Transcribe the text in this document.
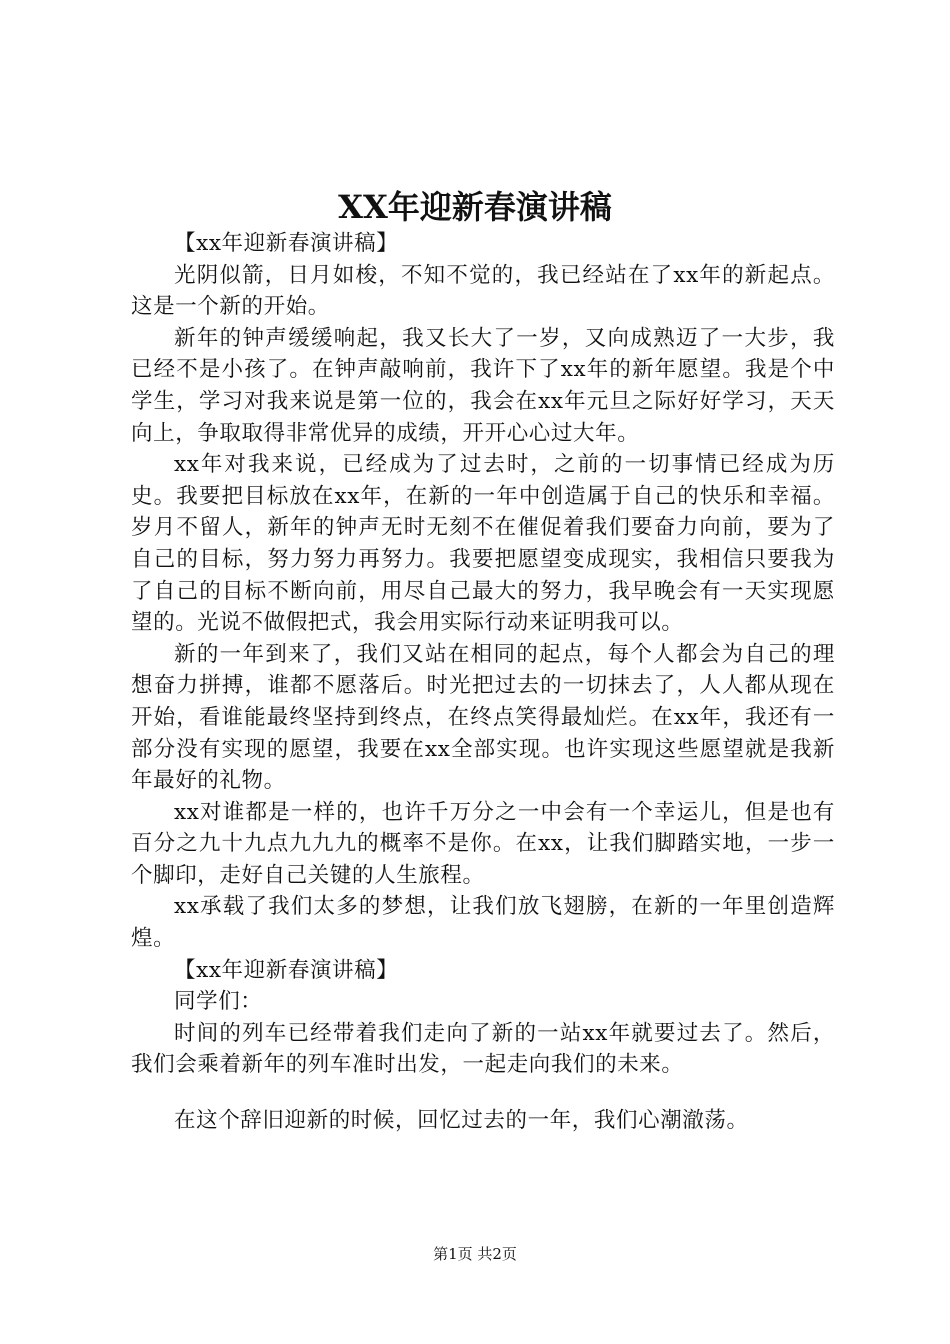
XX年迎新春演讲稿

【xx年迎新春演讲稿】

光阴似箭，日月如梭，不知不觉的，我已经站在了xx年的新起点。这是一个新的开始。

新年的钟声缓缓响起，我又长大了一岁，又向成熟迈了一大步，我已经不是小孩了。在钟声敲响前，我许下了xx年的新年愿望。我是个中学生，学习对我来说是第一位的，我会在xx年元旦之际好好学习，天天向上，争取取得非常优异的成绩，开开心心过大年。

xx年对我来说，已经成为了过去时，之前的一切事情已经成为历史。我要把目标放在xx年，在新的一年中创造属于自己的快乐和幸福。岁月不留人，新年的钟声无时无刻不在催促着我们要奋力向前，要为了自己的目标，努力努力再努力。我要把愿望变成现实，我相信只要我为了自己的目标不断向前，用尽自己最大的努力，我早晚会有一天实现愿望的。光说不做假把式，我会用实际行动来证明我可以。

新的一年到来了，我们又站在相同的起点，每个人都会为自己的理想奋力拼搏，谁都不愿落后。时光把过去的一切抹去了，人人都从现在开始，看谁能最终坚持到终点，在终点笑得最灿烂。在xx年，我还有一部分没有实现的愿望，我要在xx全部实现。也许实现这些愿望就是我新年最好的礼物。

xx对谁都是一样的，也许千万分之一中会有一个幸运儿，但是也有百分之九十九点九九九的概率不是你。在xx，让我们脚踏实地，一步一个脚印，走好自己关键的人生旅程。

xx承载了我们太多的梦想，让我们放飞翅膀，在新的一年里创造辉煌。

【xx年迎新春演讲稿】

同学们：

时间的列车已经带着我们走向了新的一站xx年就要过去了。然后，我们会乘着新年的列车准时出发，一起走向我们的未来。

在这个辞旧迎新的时候，回忆过去的一年，我们心潮澈荡。

第1页 共2页
